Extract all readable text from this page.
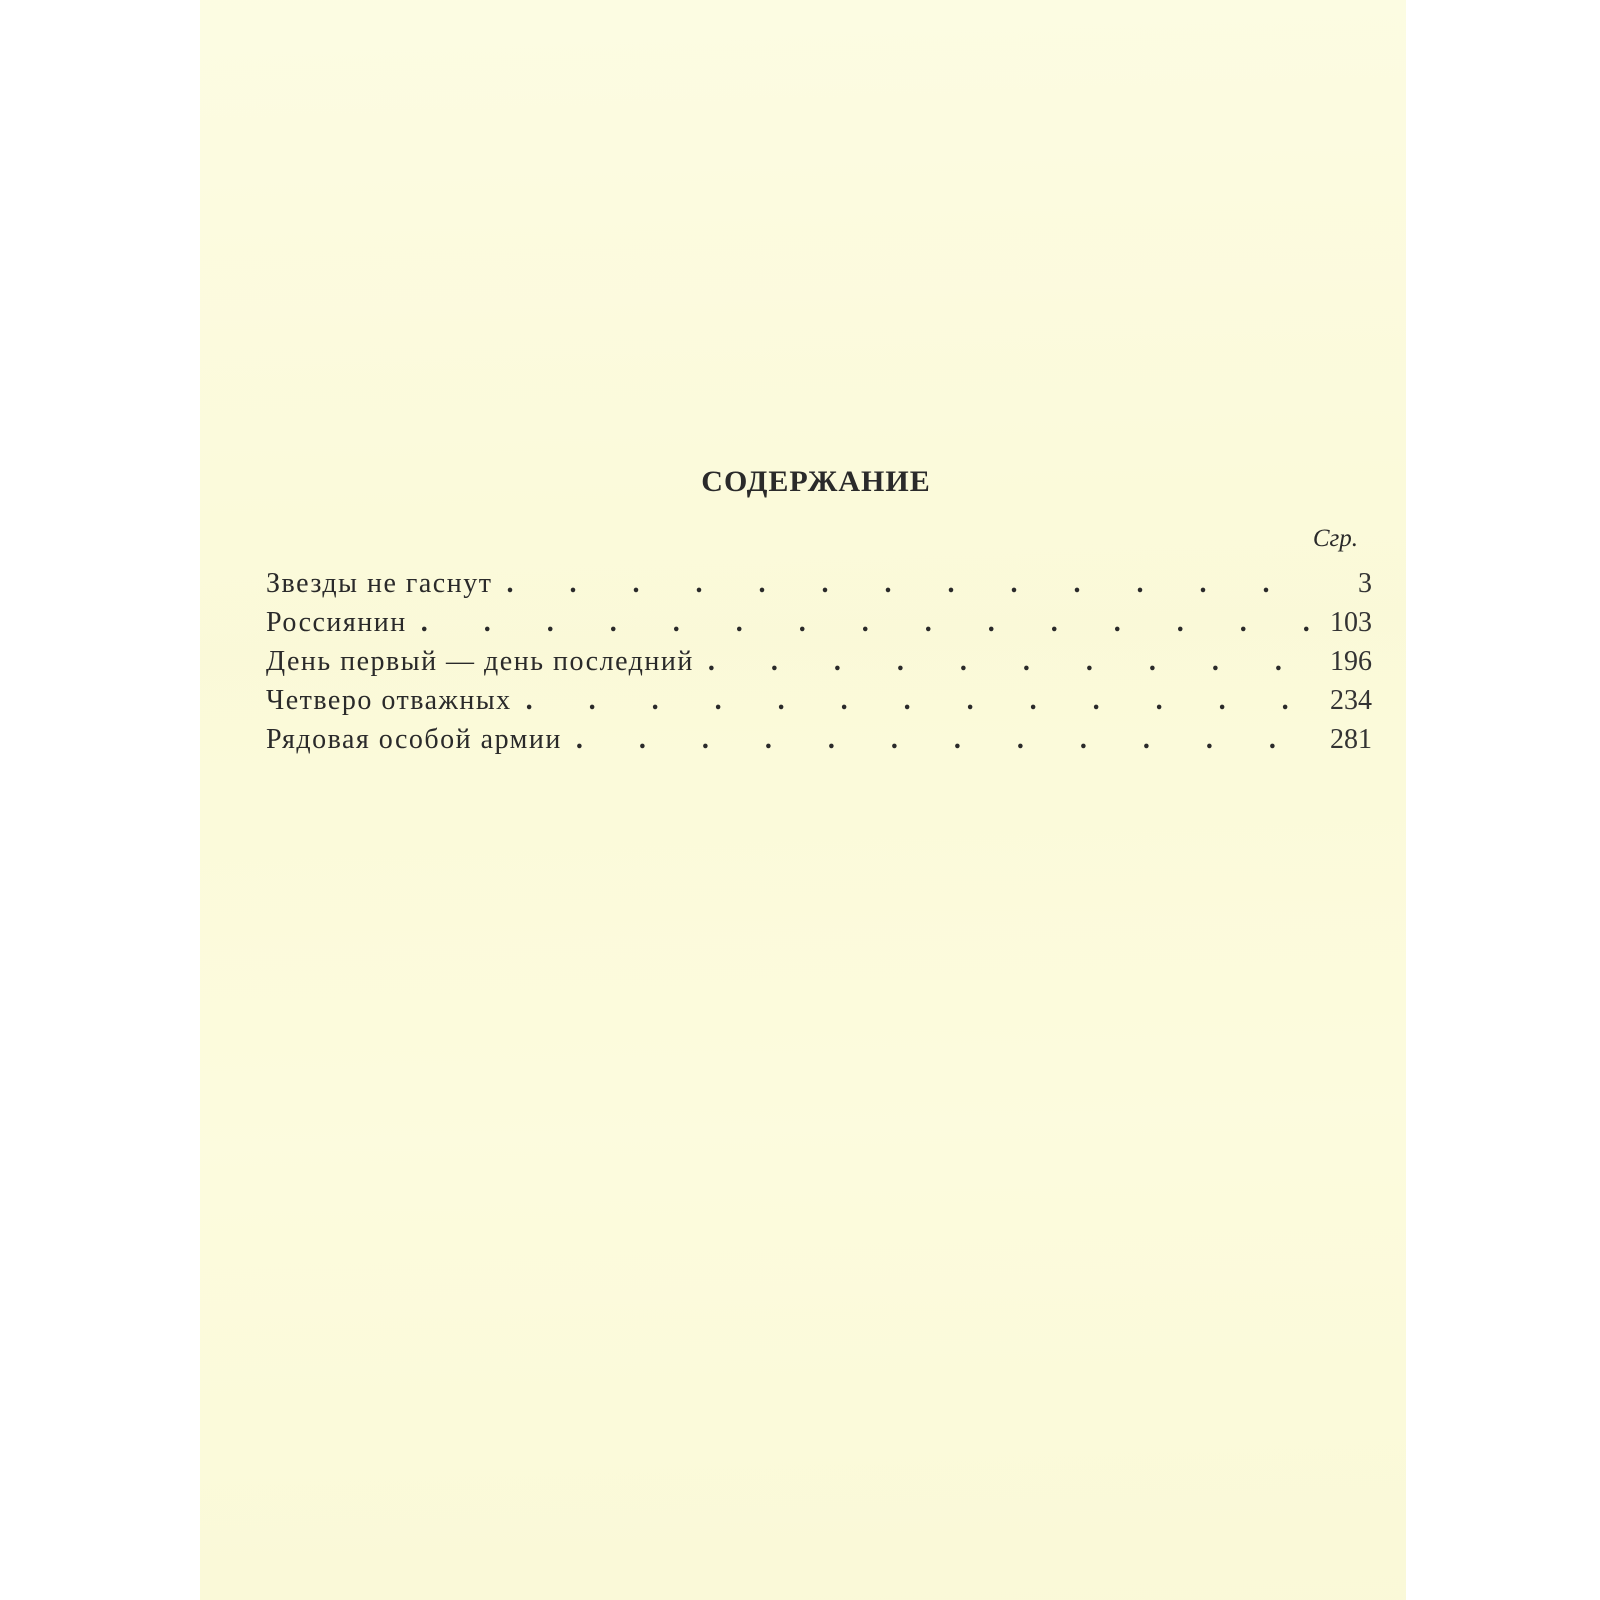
СОДЕРЖАНИЕ
Cгр.
Звезды не гаснут .	3
Россиянин .	103
День первый — день последний .	196
Четверо отважных .	234
Рядовая особой армии .	281
